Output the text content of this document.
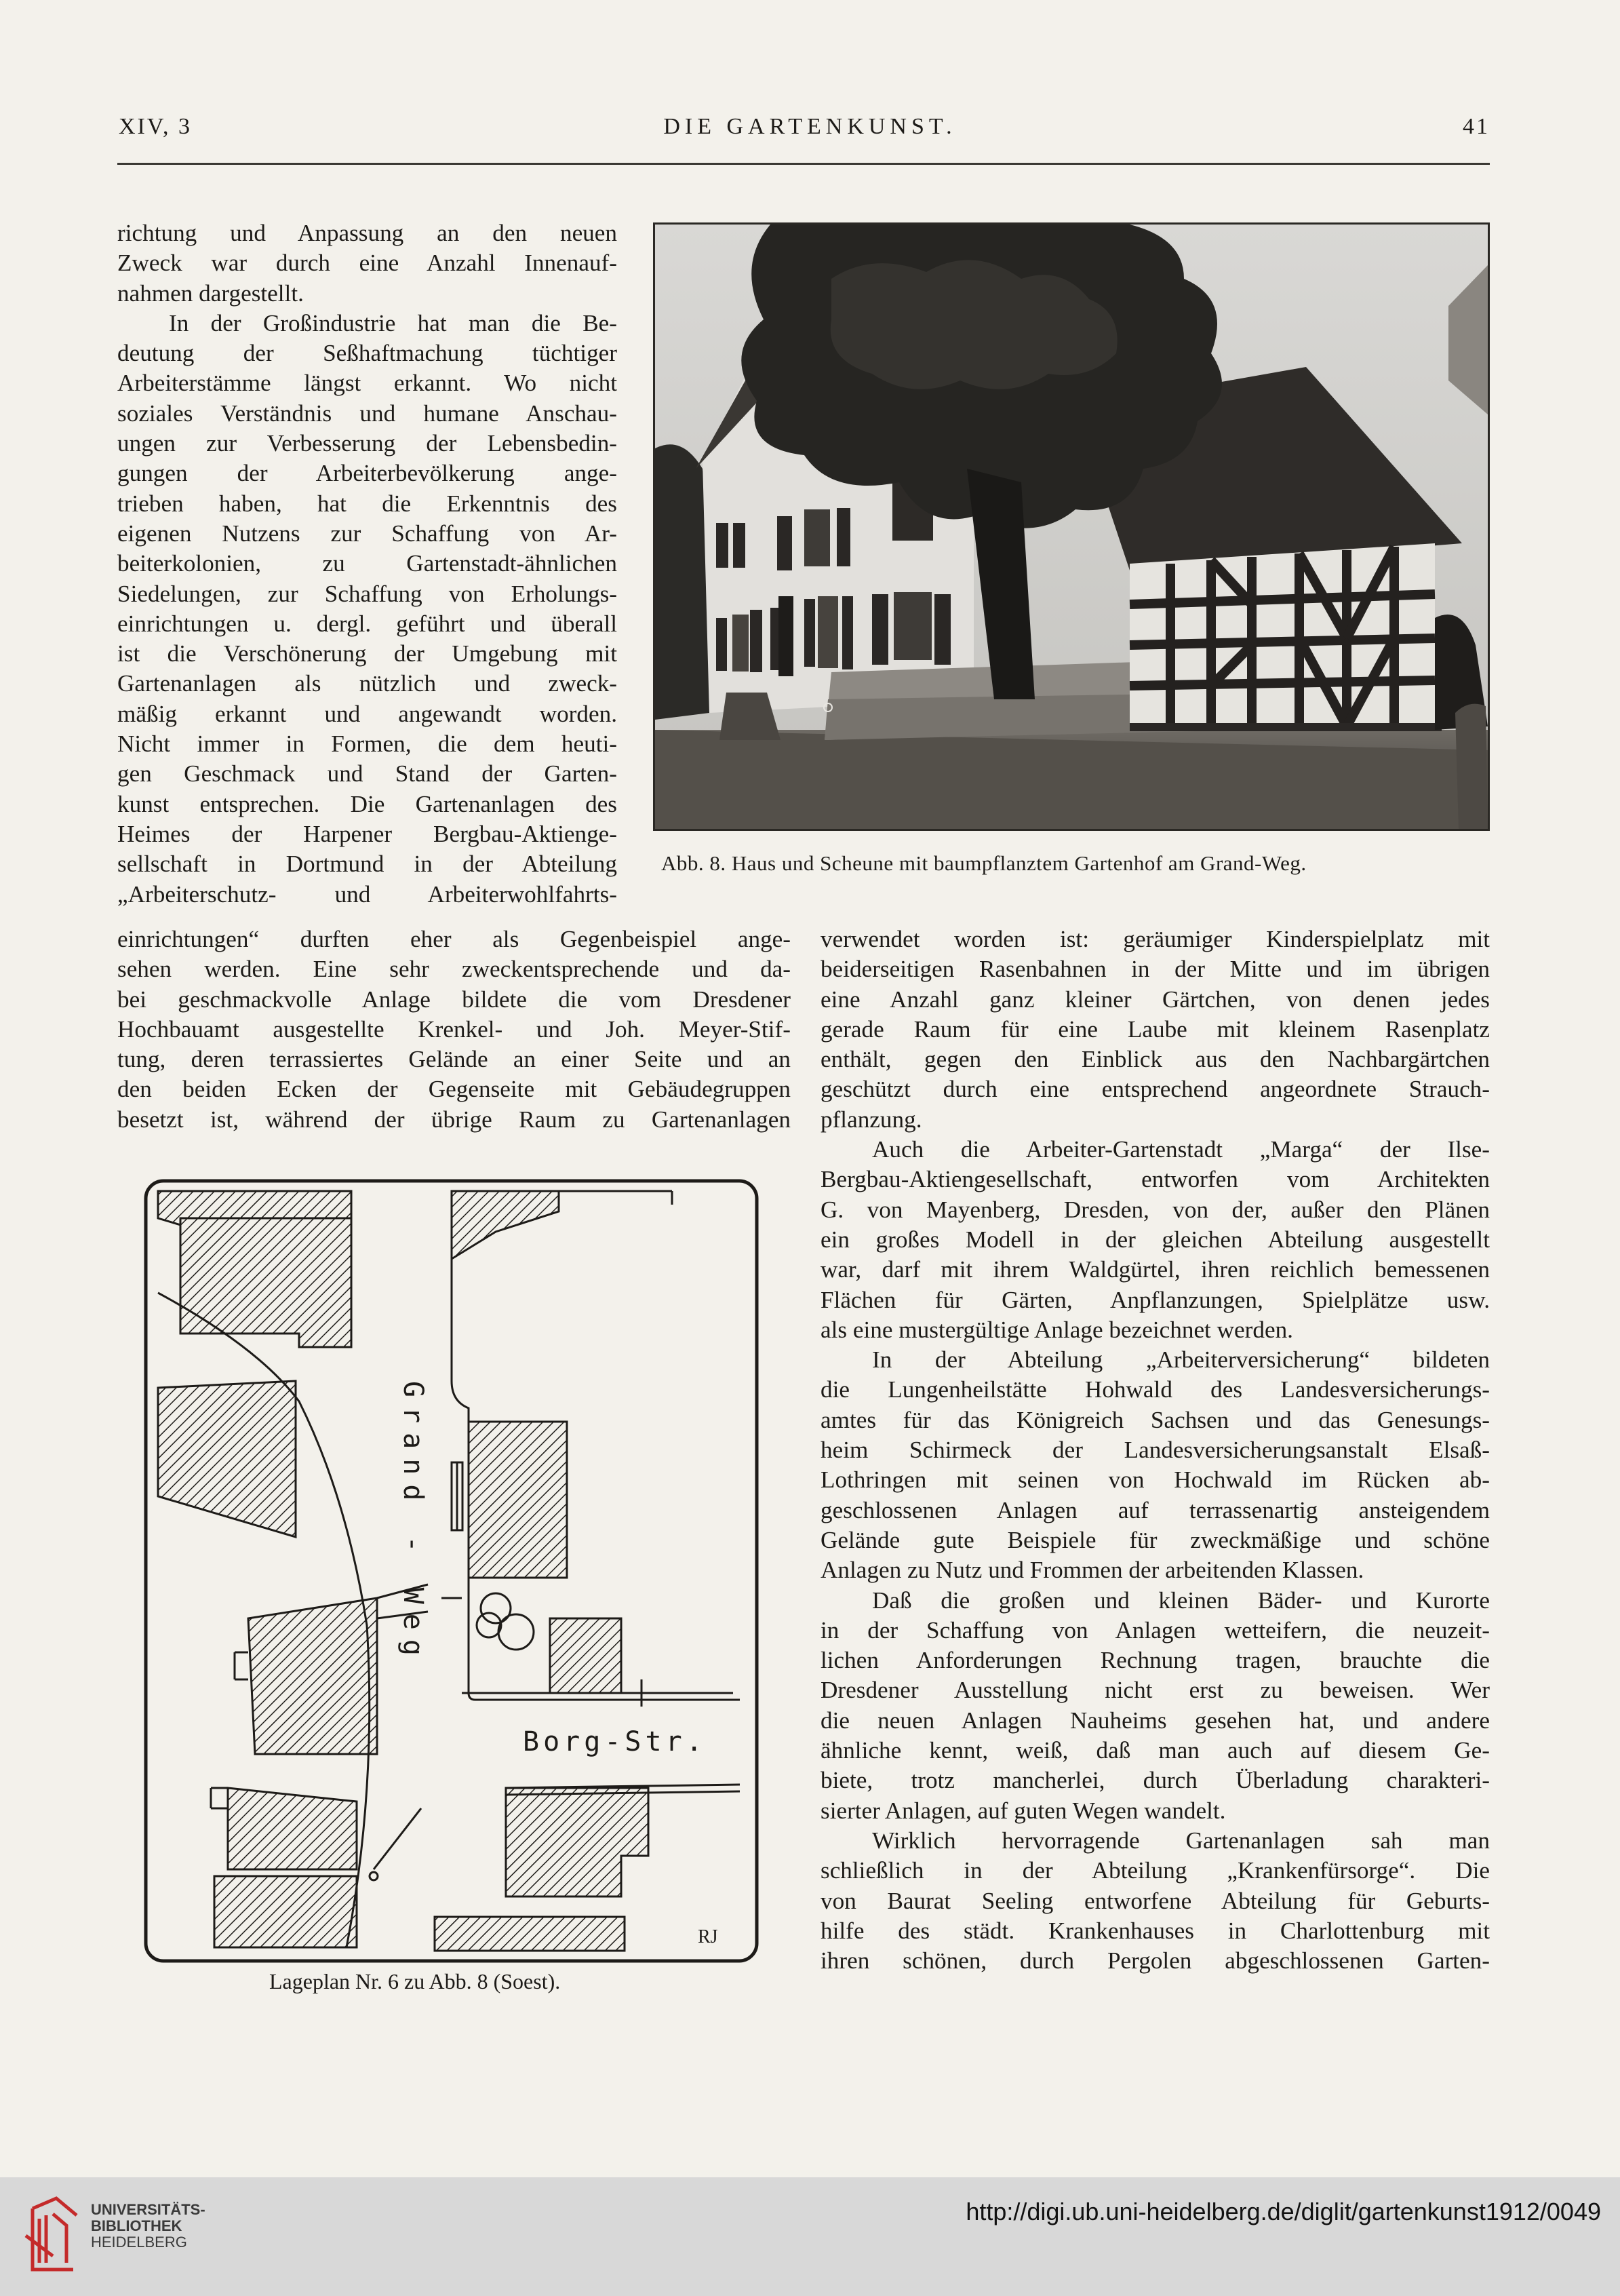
XIV, 3	DIE GARTENKUNST.	41
richtung und Anpassung an den neuen
Zweck war durch eine Anzahl Innenauf-
nahmen dargestellt.
In der Großindustrie hat man die Be-
deutung der Seßhaftmachung tüchtiger
Arbeiterstämme längst erkannt. Wo nicht
soziales Verständnis und humane Anschau-
ungen zur Verbesserung der Lebensbedin-
gungen der Arbeiterbevölkerung ange-
trieben haben, hat die Erkenntnis des
eigenen Nutzens zur Schaffung von Ar-
beiterkolonien, zu Gartenstadt-ähnlichen
Siedelungen, zur Schaffung von Erholungs-
einrichtungen u. dergl. geführt und überall
ist die Verschönerung der Umgebung mit
Gartenanlagen als nützlich und zweck-
mäßig erkannt und angewandt worden.
Nicht immer in Formen, die dem heuti-
gen Geschmack und Stand der Garten-
kunst entsprechen. Die Gartenanlagen des
Heimes der Harpener Bergbau-Aktienge-
sellschaft in Dortmund in der Abteilung
„Arbeiterschutz- und Arbeiterwohlfahrts-
Abb. 8. Haus und Scheune mit baumpflanztem Gartenhof am Grand-Weg.
einrichtungen“ durften eher als Gegenbeispiel ange-
sehen werden. Eine sehr zweckentsprechende und da-
bei geschmackvolle Anlage bildete die vom Dresdener
Hochbauamt ausgestellte Krenkel- und Joh. Meyer-Stif-
tung, deren terrassiertes Gelände an einer Seite und an
den beiden Ecken der Gegenseite mit Gebäudegruppen
besetzt ist, während der übrige Raum zu Gartenanlagen
verwendet worden ist: geräumiger Kinderspielplatz mit
beiderseitigen Rasenbahnen in der Mitte und im übrigen
eine Anzahl ganz kleiner Gärtchen, von denen jedes
gerade Raum für eine Laube mit kleinem Rasenplatz
enthält, gegen den Einblick aus den Nachbargärtchen
geschützt durch eine entsprechend angeordnete Strauch-
pflanzung.
Auch die Arbeiter-Gartenstadt „Marga“ der Ilse-
Bergbau-Aktiengesellschaft, entworfen vom Architekten
G. von Mayenberg, Dresden, von der, außer den Plänen
ein großes Modell in der gleichen Abteilung ausgestellt
war, darf mit ihrem Waldgürtel, ihren reichlich bemessenen
Flächen für Gärten, Anpflanzungen, Spielplätze usw.
als eine mustergültige Anlage bezeichnet werden.
In der Abteilung „Arbeiterversicherung“ bildeten
die Lungenheilstätte Hohwald des Landesversicherungs-
amtes für das Königreich Sachsen und das Genesungs-
heim Schirmeck der Landesversicherungsanstalt Elsaß-
Lothringen mit seinen von Hochwald im Rücken ab-
geschlossenen Anlagen auf terrassenartig ansteigendem
Gelände gute Beispiele für zweckmäßige und schöne
Anlagen zu Nutz und Frommen der arbeitenden Klassen.
Daß die großen und kleinen Bäder- und Kurorte
in der Schaffung von Anlagen wetteifern, die neuzeit-
lichen Anforderungen Rechnung tragen, brauchte die
Dresdener Ausstellung nicht erst zu beweisen. Wer
die neuen Anlagen Nauheims gesehen hat, und andere
ähnliche kennt, weiß, daß man auch auf diesem Ge-
biete, trotz mancherlei, durch Überladung charakteri-
sierter Anlagen, auf guten Wegen wandelt.
Wirklich hervorragende Gartenanlagen sah man
schließlich in der Abteilung „Krankenfürsorge“. Die
von Baurat Seeling entworfene Abteilung für Geburts-
hilfe des städt. Krankenhauses in Charlottenburg mit
ihren schönen, durch Pergolen abgeschlossenen Garten-
Grand - Weg
Borg-Str.
RJ
Lageplan Nr. 6 zu Abb. 8 (Soest).
UNIVERSITÄTS-
BIBLIOTHEK
HEIDELBERG
http://digi.ub.uni-heidelberg.de/diglit/gartenkunst1912/0049
